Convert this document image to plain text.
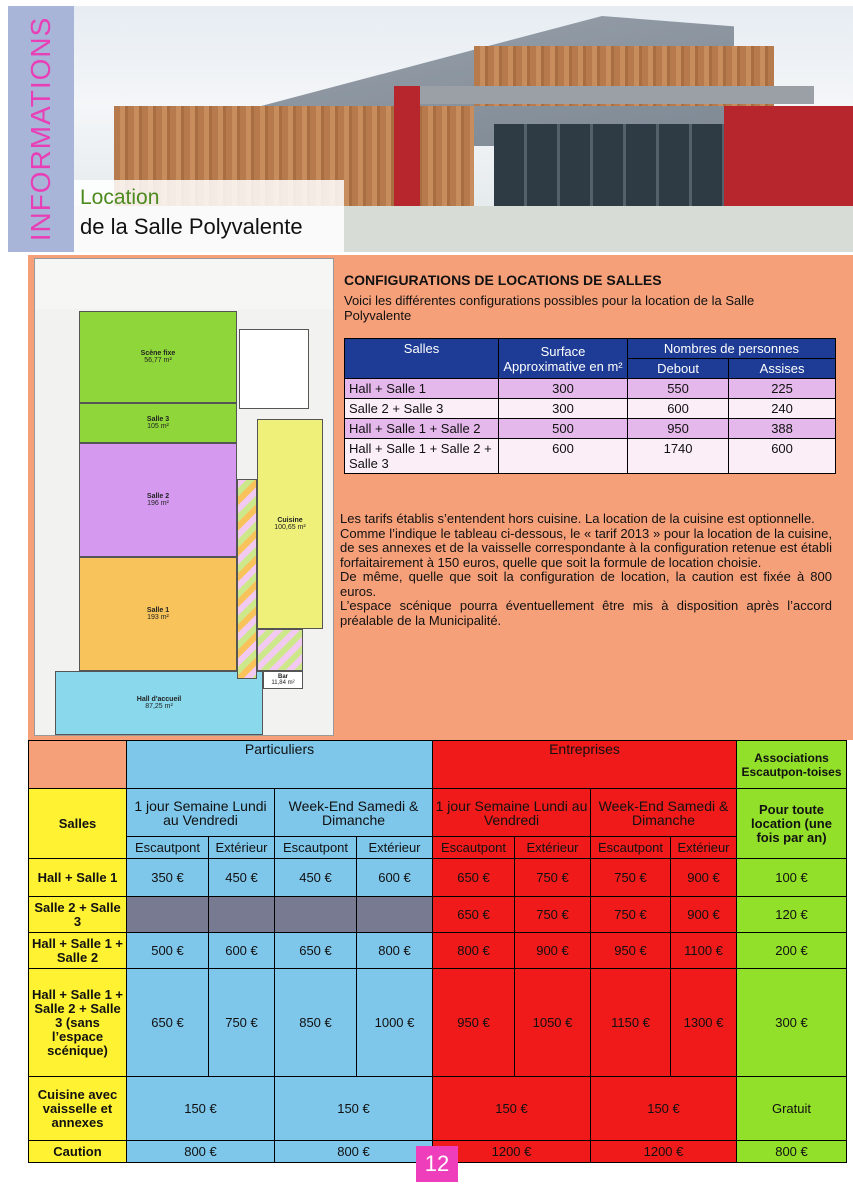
INFORMATIONS Location
de la Salle Polyvalente
Scène fixe

56,77 m²

Salle 3

105 m²

Salle 2

196 m²

Salle 1

193 m²

Hall d'accueil

87,25 m²

Cuisine

100,65 m²

Bar

11,84 m²

CONFIGURATIONS DE LOCATIONS DE SALLES
Voici les différentes configurations possibles pour la location de la Salle Polyvalente
Salles	Surface Approximative en m²	Nombres de personnes	
		Debout	Assises
Hall + Salle 1	300	550	225
Salle 2 + Salle 3	300	600	240
Hall + Salle 1 + Salle 2	500	950	388
Hall + Salle 1 + Salle 2 + Salle 3	600	1740	600

Les tarifs établis s’entendent hors cuisine. La location de la cuisine est optionnelle.

Comme l’indique le tableau ci-dessous, le « tarif 2013 » pour la location de la cuisine, de ses annexes et de la vaisselle correspondante à la configuration retenue est établi forfaitairement à 150 euros, quelle que soit la formule de location choisie.

De même, quelle que soit la configuration de location, la caution est fixée à 800 euros.

L’espace scénique pourra éventuellement être mis à disposition après l’accord préalable de la Municipalité.

	Particuliers				Entreprises				Associations Escautpon-toises
Salles	1 jour Semaine Lundi au Vendredi		Week-End Samedi & Dimanche		1 jour Semaine Lundi au Vendredi		Week-End Samedi & Dimanche		Pour toute location (une fois par an)
	Escautpont	Extérieur	Escautpont	Extérieur	Escautpont	Extérieur	Escautpont	Extérieur	
Hall + Salle 1	350 €	450 €	450 €	600 €	650 €	750 €	750 €	900 €	100 €
Salle 2 + Salle 3					650 €	750 €	750 €	900 €	120 €
Hall + Salle 1 + Salle 2	500 €	600 €	650 €	800 €	800 €	900 €	950 €	1100 €	200 €
Hall + Salle 1 + Salle 2 + Salle 3 (sans l’espace scénique)	650 €	750 €	850 €	1000 €	950 €	1050 €	1150 €	1300 €	300 €
Cuisine avec vaisselle et annexes	150 €		150 €		150 €		150 €		Gratuit
Caution	800 €		800 €		1200 €		1200 €		800 €
12
